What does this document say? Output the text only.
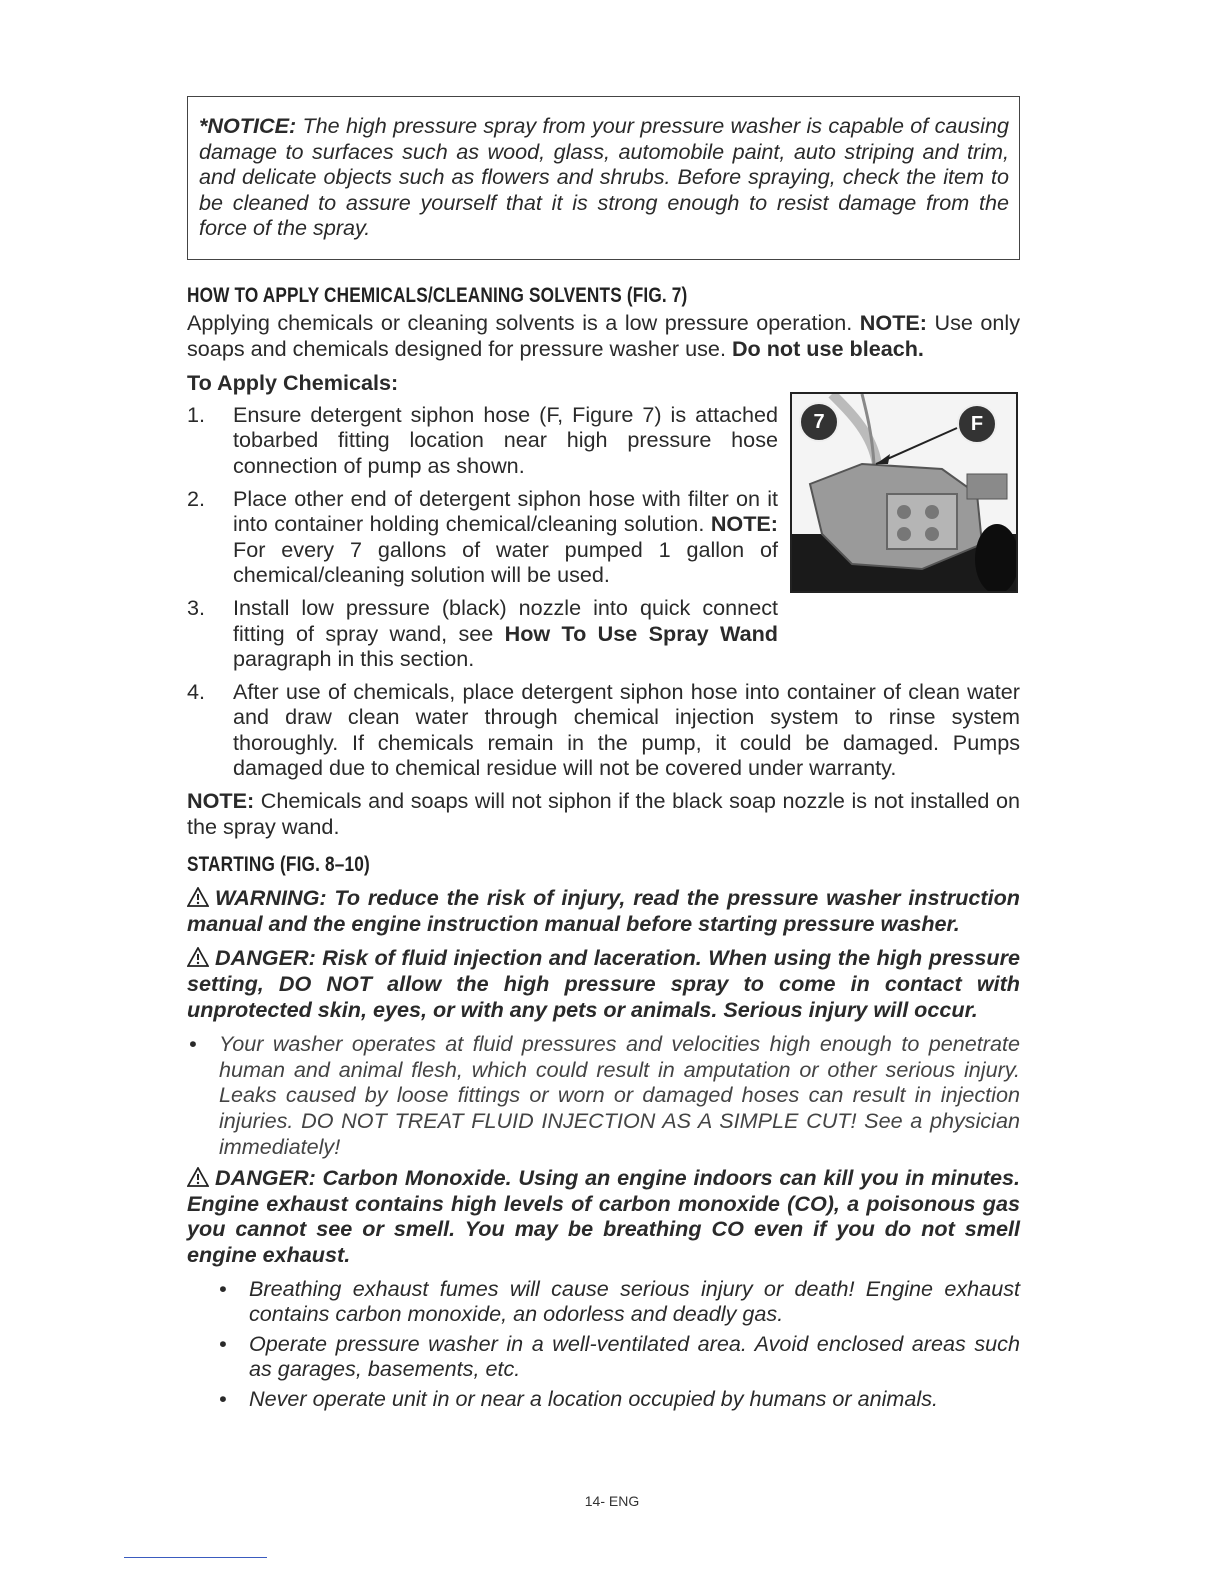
*NOTICE: The high pressure spray from your pressure washer is capable of causing damage to surfaces such as wood, glass, automobile paint, auto striping and trim, and delicate objects such as flowers and shrubs. Before spraying, check the item to be cleaned to assure yourself that it is strong enough to resist damage from the force of the spray.
HOW TO APPLY CHEMICALS/CLEANING SOLVENTS (FIG. 7)

Applying chemicals or cleaning solvents is a low pressure operation. NOTE: Use only soaps and chemicals designed for pressure washer use. Do not use bleach.

To Apply Chemicals:
7	F
1.	Ensure detergent siphon hose (F, Figure 7) is attached tobarbed fitting location near high pressure hose connection of pump as shown.
2.	Place other end of detergent siphon hose with filter on it into container holding chemical/cleaning solution. NOTE: For every 7 gallons of water pumped 1 gallon of chemical/cleaning solution will be used.
3.	Install low pressure (black) nozzle into quick connect fitting of spray wand, see How To Use Spray Wand paragraph in this section.
4.	After use of chemicals, place detergent siphon hose into container of clean water and draw clean water through chemical injection system to rinse system thoroughly. If chemicals remain in the pump, it could be damaged. Pumps damaged due to chemical residue will not be covered under warranty.

NOTE: Chemicals and soaps will not siphon if the black soap nozzle is not installed on the spray wand.

STARTING (FIG. 8–10)

WARNING: To reduce the risk of injury, read the pressure washer instruction manual and the engine instruction manual before starting pressure washer.

DANGER: Risk of fluid injection and laceration. When using the high pressure setting, DO NOT allow the high pressure spray to come in contact with unprotected skin, eyes, or with any pets or animals. Serious injury will occur.

•	Your washer operates at fluid pressures and velocities high enough to penetrate human and animal flesh, which could result in amputation or other serious injury. Leaks caused by loose fittings or worn or damaged hoses can result in injection injuries. DO NOT TREAT FLUID INJECTION AS A SIMPLE CUT! See a physician immediately!

DANGER: Carbon Monoxide. Using an engine indoors can kill you in minutes. Engine exhaust contains high levels of carbon monoxide (CO), a poisonous gas you cannot see or smell. You may be breathing CO even if you do not smell engine exhaust.

•	Breathing exhaust fumes will cause serious injury or death! Engine exhaust contains carbon monoxide, an odorless and deadly gas.
•	Operate pressure washer in a well-ventilated area. Avoid enclosed areas such as garages, basements, etc.
•	Never operate unit in or near a location occupied by humans or animals.
14- ENG
